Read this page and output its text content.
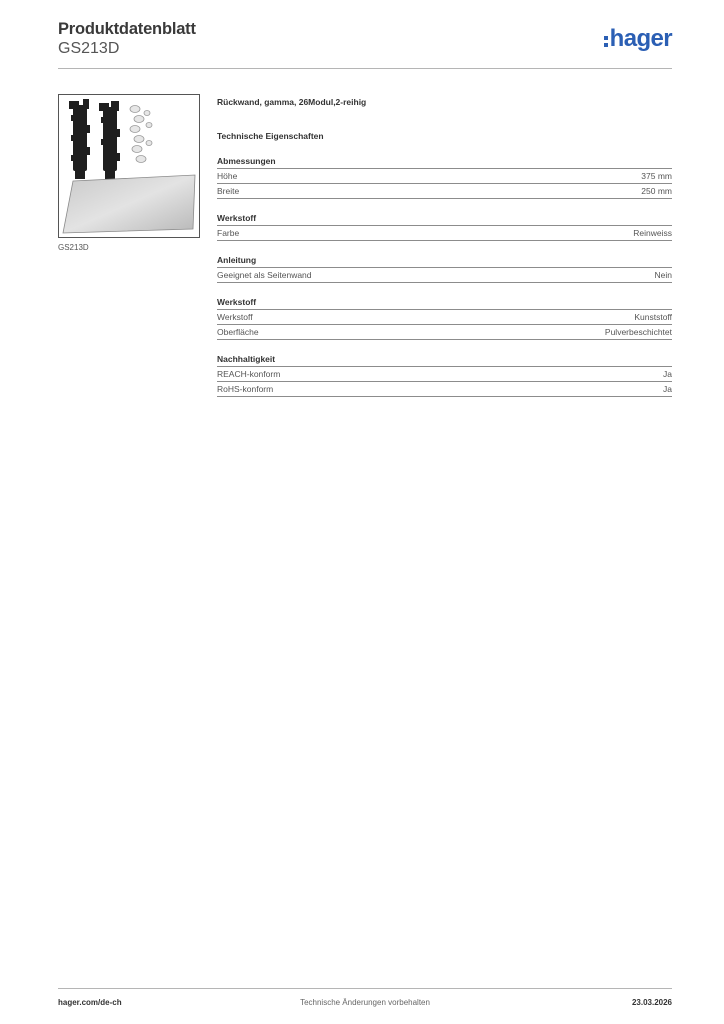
Produktdatenblatt
GS213D	hager
GS213D
Rückwand, gamma, 26Modul,2-reihig
Technische Eigenschaften
Abmessungen
Höhe	375 mm
Breite	250 mm
Werkstoff
Farbe	Reinweiss
Anleitung
Geeignet als Seitenwand	Nein
Werkstoff
Werkstoff	Kunststoff
Oberfläche	Pulverbeschichtet
Nachhaltigkeit
REACH-konform	Ja
RoHS-konform	Ja
hager.com/de-ch	Technische Änderungen vorbehalten	23.03.2026
